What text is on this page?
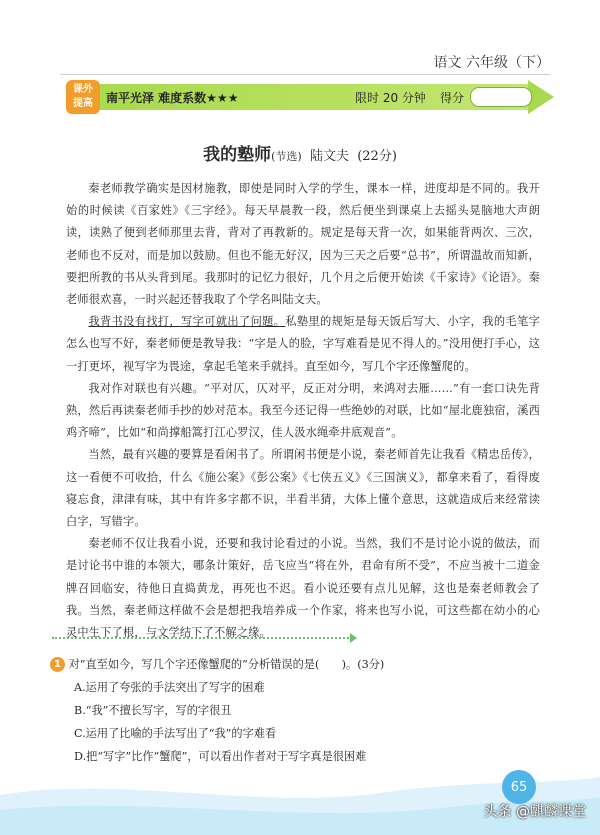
语文 六年级（下）
课外
提高 南平光泽 难度系数★★★	限时 20 分钟 得分
我的塾师(节选) 陆文夫 (22分)

秦老师教学确实是因材施教，即使是同时入学的学生，课本一样，进度却是不同的。我开始的时候读《百家姓》《三字经》。每天早晨教一段，然后便坐到课桌上去摇头晃脑地大声朗读，读熟了便到老师那里去背，背对了再教新的。规定是每天背一次，如果能背两次、三次，老师也不反对，而是加以鼓励。但也不能无好汉，因为三天之后要“总书”，所谓温故而知新，要把所教的书从头背到尾。我那时的记忆力很好，几个月之后便开始读《千家诗》《论语》。秦老师很欢喜，一时兴起还替我取了个学名叫陆文夫。

我背书没有找打，写字可就出了问题。私塾里的规矩是每天饭后写大、小字，我的毛笔字怎么也写不好，秦老师便是教导我：“字是人的脸，字写难看是见不得人的。”没用便打手心，这一打更坏，视写字为畏途，拿起毛笔来手就抖。直至如今，写几个字还像蟹爬的。

我对作对联也有兴趣。“平对仄，仄对平，反正对分明，来鸿对去雁……”有一套口诀先背熟，然后再读秦老师手抄的妙对范本。我至今还记得一些绝妙的对联，比如“屋北鹿独宿，溪西鸡齐啼”，比如“和尚撑船篙打江心罗汉，佳人汲水绳牵井底观音”。

当然，最有兴趣的要算是看闲书了。所谓闲书便是小说，秦老师首先让我看《精忠岳传》，这一看便不可收拾，什么《施公案》《彭公案》《七侠五义》《三国演义》，都拿来看了，看得废寝忘食，津津有味，其中有许多字都不识，半看半猜，大体上懂个意思，这就造成后来经常读白字，写错字。

秦老师不仅让我看小说，还要和我讨论看过的小说。当然，我们不是讨论小说的做法，而是讨论书中谁的本领大，哪条计策好，岳飞应当“将在外，君命有所不受”，不应当被十二道金牌召回临安，待他日直捣黄龙，再死也不迟。看小说还要有点儿见解，这也是秦老师教会了我。当然，秦老师这样做不会是想把我培养成一个作家，将来也写小说，可这些都在幼小的心灵中生下了根，与文学结下了不解之缘。

1 对“直至如今，写几个字还像蟹爬的”分析错误的是(　　)。(3分)
A.运用了夸张的手法突出了写字的困难
B.“我”不擅长写字，写的字很丑
C.运用了比喻的手法写出了“我”的字难看
D.把“写字”比作“蟹爬”，可以看出作者对于写字真是很困难
65
头条 @麒麟课堂
